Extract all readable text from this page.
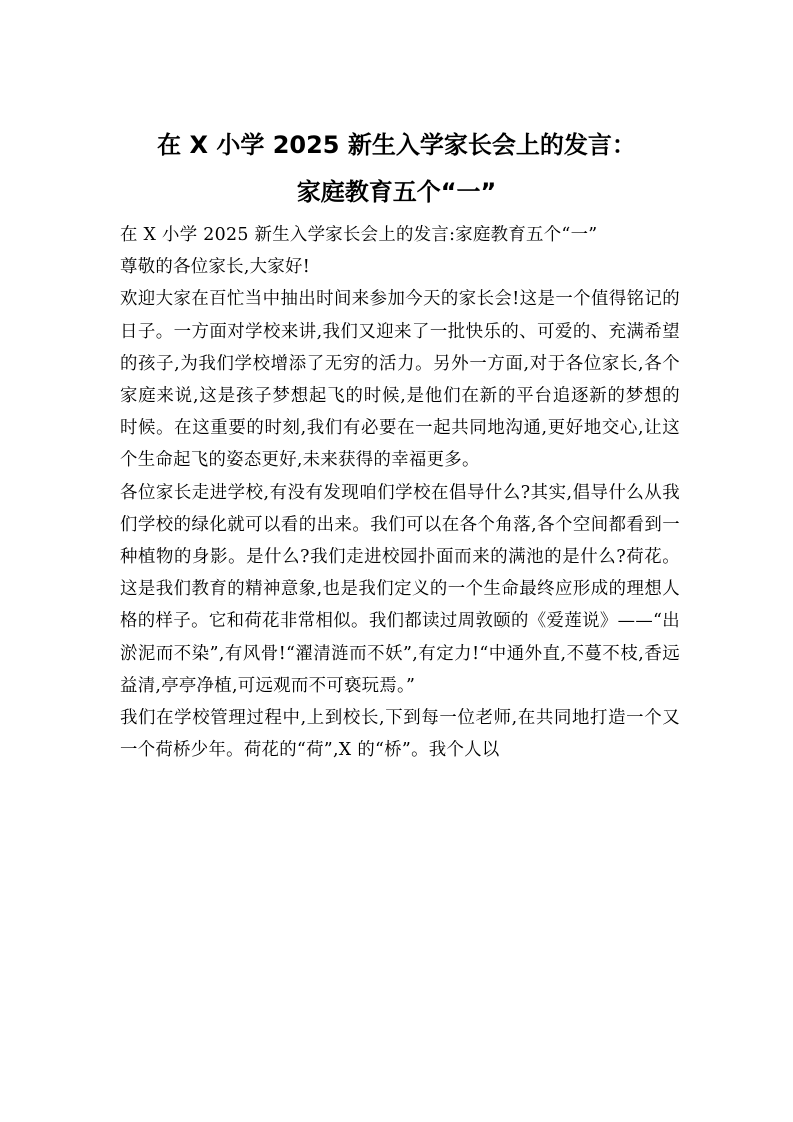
在 X 小学 2025 新生入学家长会上的发言：
家庭教育五个“一”

在 X 小学 2025 新生入学家长会上的发言:家庭教育五个“一”

尊敬的各位家长,大家好!

欢迎大家在百忙当中抽出时间来参加今天的家长会!这是一个值得铭记的日子。一方面对学校来讲,我们又迎来了一批快乐的、可爱的、充满希望的孩子,为我们学校增添了无穷的活力。另外一方面,对于各位家长,各个家庭来说,这是孩子梦想起飞的时候,是他们在新的平台追逐新的梦想的时候。在这重要的时刻,我们有必要在一起共同地沟通,更好地交心,让这个生命起飞的姿态更好,未来获得的幸福更多。

各位家长走进学校,有没有发现咱们学校在倡导什么?其实,倡导什么从我们学校的绿化就可以看的出来。我们可以在各个角落,各个空间都看到一种植物的身影。是什么?我们走进校园扑面而来的满池的是什么?荷花。这是我们教育的精神意象,也是我们定义的一个生命最终应形成的理想人格的样子。它和荷花非常相似。我们都读过周敦颐的《爱莲说》——“出淤泥而不染”,有风骨!“濯清涟而不妖”,有定力!“中通外直,不蔓不枝,香远益清,亭亭净植,可远观而不可亵玩焉。”

我们在学校管理过程中,上到校长,下到每一位老师,在共同地打造一个又一个荷桥少年。荷花的“荷”,X 的“桥”。我个人以
